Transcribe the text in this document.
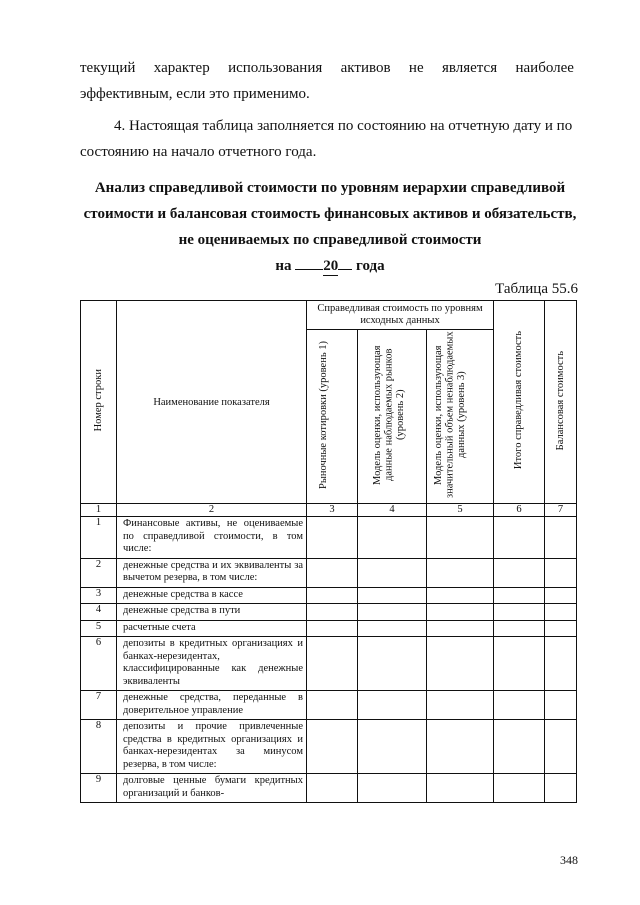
текущий характер использования активов не является наиболее
эффективным, если это применимо.
4. Настоящая таблица заполняется по состоянию на отчетную дату и по
состоянию на начало отчетного года.
Анализ справедливой стоимости по уровням иерархии справедливой
стоимости и балансовая стоимость финансовых активов и обязательств,
не оцениваемых по справедливой стоимости
на 20 года
Таблица 55.6
Номер строки	Наименование показателя	Справедливая стоимость по уровням исходных данных			Итого справедливая стоимость	Балансовая стоимость
		Рыночные котировки (уровень 1)	Модель оценки, использующая данные наблюдаемых рынков (уровень 2)	Модель оценки, использующая значительный объем ненаблюдаемых данных (уровень 3)		
1	2	3	4	5	6	7
1	Финансовые активы, не оцениваемые по справедливой стоимости, в том числе:					
2	денежные средства и их эквиваленты за вычетом резерва, в том числе:					
3	денежные средства в кассе					
4	денежные средства в пути					
5	расчетные счета					
6	депозиты в кредитных организациях и банках-нерезидентах, классифицированные как денежные эквиваленты					
7	денежные средства, переданные в доверительное управление					
8	депозиты и прочие привлеченные средства в кредитных организациях и банках-нерезидентах за минусом резерва, в том числе:					
9	долговые ценные бумаги кредитных организаций и банков-					
348
